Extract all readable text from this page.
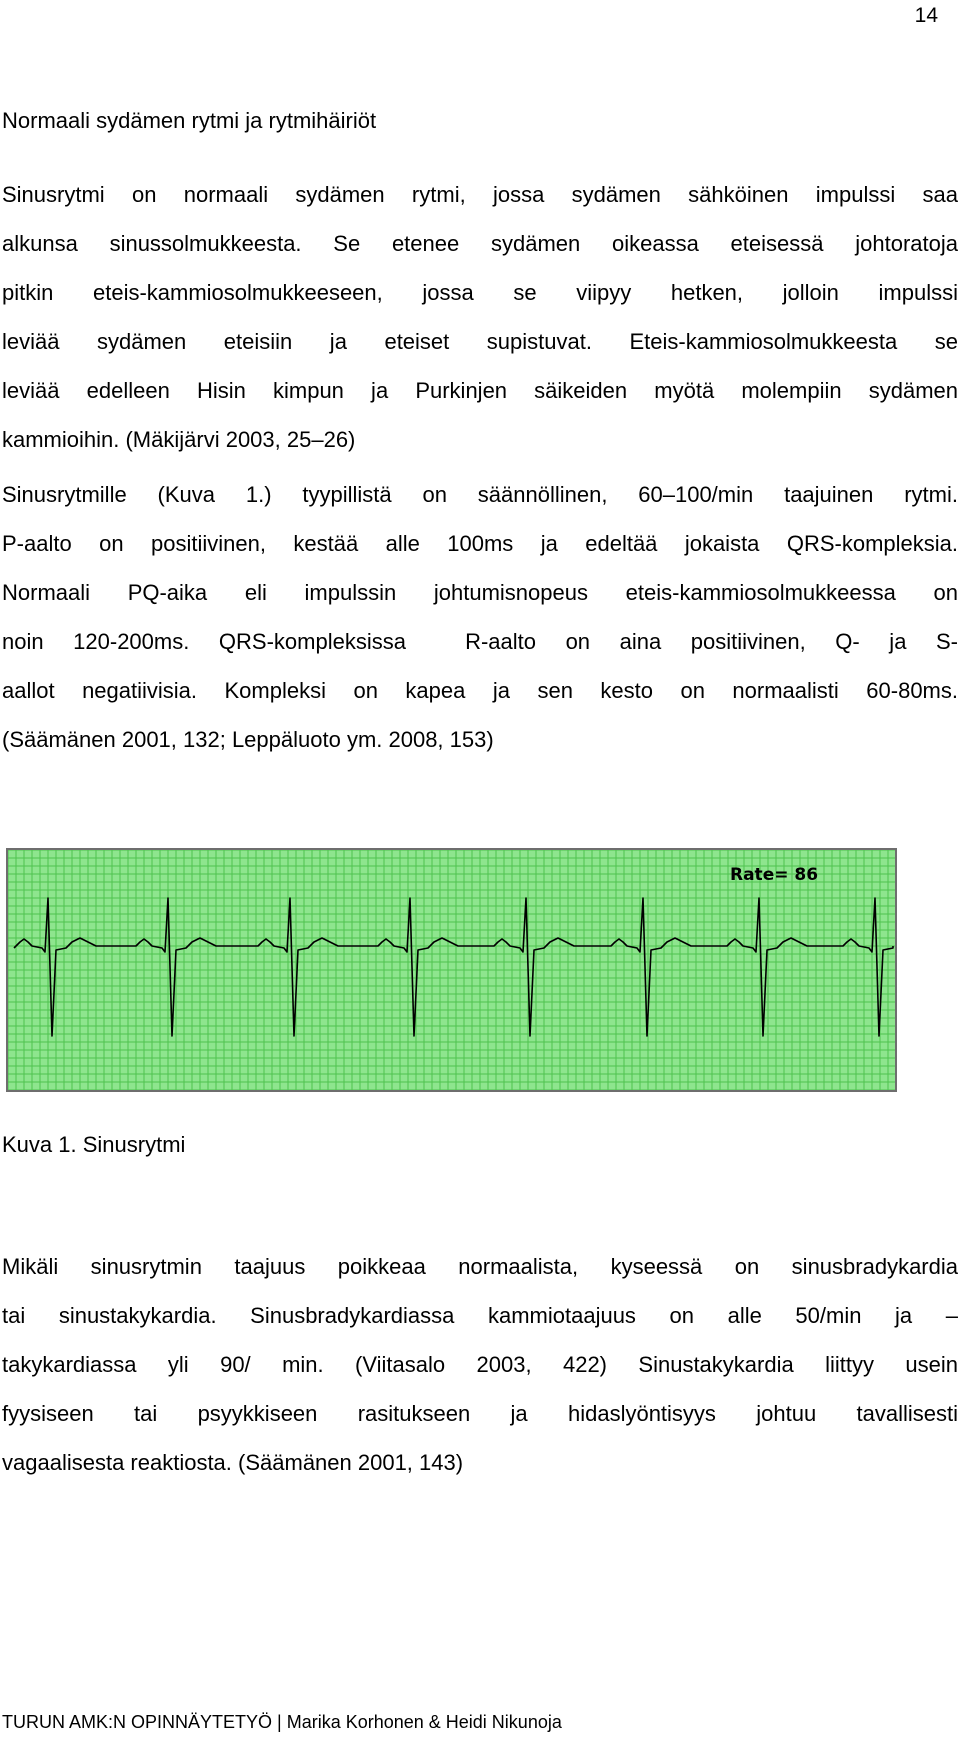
14
Normaali sydämen rytmi ja rytmihäiriöt

Sinusrytmi on normaali sydämen rytmi, jossa sydämen sähköinen impulssi saa
alkunsa sinussolmukkeesta. Se etenee sydämen oikeassa eteisessä johtoratoja
pitkin eteis-kammiosolmukkeeseen, jossa se viipyy hetken, jolloin impulssi
leviää sydämen eteisiin ja eteiset supistuvat. Eteis-kammiosolmukkeesta se
leviää edelleen Hisin kimpun ja Purkinjen säikeiden myötä molempiin sydämen
kammioihin. (Mäkijärvi 2003, 25–26)

Sinusrytmille (Kuva 1.) tyypillistä on säännöllinen, 60–100/min taajuinen rytmi.
P-aalto on positiivinen, kestää alle 100ms ja edeltää jokaista QRS-kompleksia.
Normaali PQ-aika eli impulssin johtumisnopeus eteis-kammiosolmukkeessa on
noin 120-200ms. QRS-kompleksissa  R-aalto on aina positiivinen, Q- ja S-
aallot negatiivisia. Kompleksi on kapea ja sen kesto on normaalisti 60-80ms.
(Säämänen 2001, 132; Leppäluoto ym. 2008, 153)

Rate= 86
Kuva 1. Sinusrytmi

Mikäli sinusrytmin taajuus poikkeaa normaalista, kyseessä on sinusbradykardia
tai sinustakykardia. Sinusbradykardiassa kammiotaajuus on alle 50/min ja –
takykardiassa yli 90/ min. (Viitasalo 2003, 422) Sinustakykardia liittyy usein
fyysiseen tai psyykkiseen rasitukseen ja hidaslyöntisyys johtuu tavallisesti
vagaalisesta reaktiosta. (Säämänen 2001, 143)

TURUN AMK:N OPINNÄYTETYÖ | Marika Korhonen & Heidi Nikunoja
